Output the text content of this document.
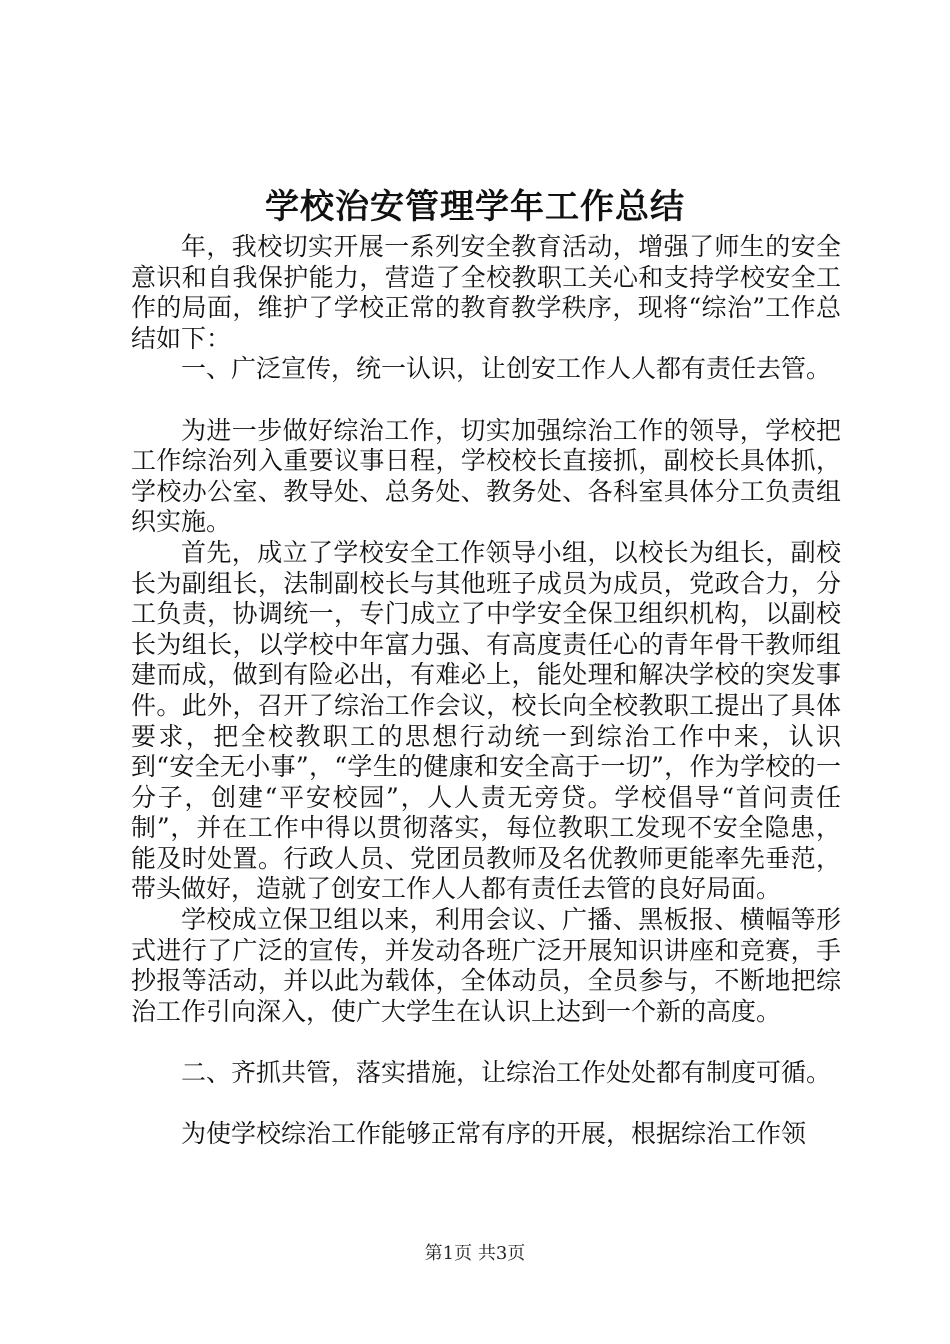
学校治安管理学年工作总结

年，我校切实开展一系列安全教育活动，增强了师生的安全意识和自我保护能力，营造了全校教职工关心和支持学校安全工作的局面，维护了学校正常的教育教学秩序，现将“综治”工作总结如下：

一、广泛宣传，统一认识，让创安工作人人都有责任去管。

为进一步做好综治工作，切实加强综治工作的领导，学校把工作综治列入重要议事日程，学校校长直接抓，副校长具体抓，学校办公室、教导处、总务处、教务处、各科室具体分工负责组织实施。

首先，成立了学校安全工作领导小组，以校长为组长，副校长为副组长，法制副校长与其他班子成员为成员，党政合力，分工负责，协调统一，专门成立了中学安全保卫组织机构，以副校长为组长，以学校中年富力强、有高度责任心的青年骨干教师组建而成，做到有险必出，有难必上，能处理和解决学校的突发事件。此外，召开了综治工作会议，校长向全校教职工提出了具体要求，把全校教职工的思想行动统一到综治工作中来，认识到“安全无小事”，“学生的健康和安全高于一切”，作为学校的一分子，创建“平安校园”，人人责无旁贷。学校倡导“首问责任制”，并在工作中得以贯彻落实，每位教职工发现不安全隐患，能及时处置。行政人员、党团员教师及名优教师更能率先垂范，带头做好，造就了创安工作人人都有责任去管的良好局面。

学校成立保卫组以来，利用会议、广播、黑板报、横幅等形式进行了广泛的宣传，并发动各班广泛开展知识讲座和竞赛，手抄报等活动，并以此为载体，全体动员，全员参与，不断地把综治工作引向深入，使广大学生在认识上达到一个新的高度。

二、齐抓共管，落实措施，让综治工作处处都有制度可循。

为使学校综治工作能够正常有序的开展，根据综治工作领

第1页 共3页
